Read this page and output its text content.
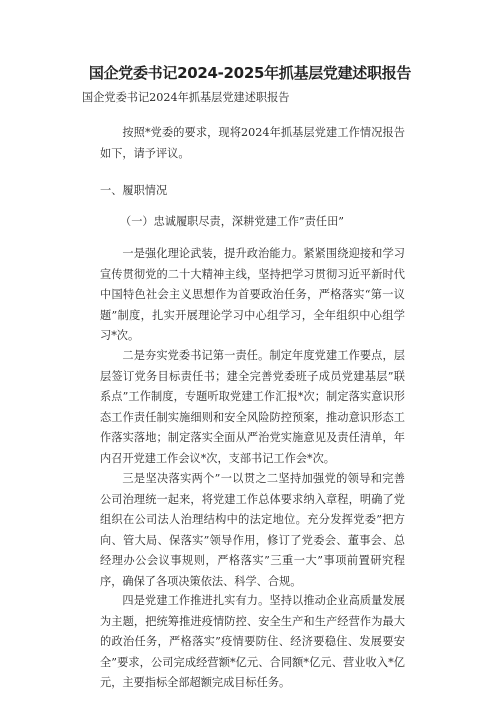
国企党委书记2024-2025年抓基层党建述职报告
国企党委书记2024年抓基层党建述职报告

按照*党委的要求，现将2024年抓基层党建工作情况报告如下，请予评议。

一、履职情况
（一）忠诚履职尽责，深耕党建工作”责任田”

一是强化理论武装，提升政治能力。紧紧围绕迎接和学习宣传贯彻党的二十大精神主线，坚持把学习贯彻习近平新时代中国特色社会主义思想作为首要政治任务，严格落实“第一议题”制度，扎实开展理论学习中心组学习，全年组织中心组学习*次。

二是夯实党委书记第一责任。制定年度党建工作要点，层层签订党务目标责任书；建全完善党委班子成员党建基层”联系点”工作制度，专题听取党建工作汇报*次；制定落实意识形态工作责任制实施细则和安全风险防控预案，推动意识形态工作落实落地；制定落实全面从严治党实施意见及责任清单，年内召开党建工作会议*次，支部书记工作会*次。

三是坚决落实两个”一以贯之二坚持加强党的领导和完善公司治理统一起来，将党建工作总体要求纳入章程，明确了党组织在公司法人治理结构中的法定地位。充分发挥党委”把方向、管大局、保落实”领导作用，修订了党委会、董事会、总经理办公会议事规则，严格落实”三重一大”事项前置研究程序，确保了各项决策依法、科学、合规。

四是党建工作推进扎实有力。坚持以推动企业高质量发展为主题，把统筹推进疫情防控、安全生产和生产经营作为最大的政治任务，严格落实”疫情要防住、经济要稳住、发展要安全”要求，公司完成经营额*亿元、合同额*亿元、营业收入*亿元，主要指标全部超额完成目标任务。
